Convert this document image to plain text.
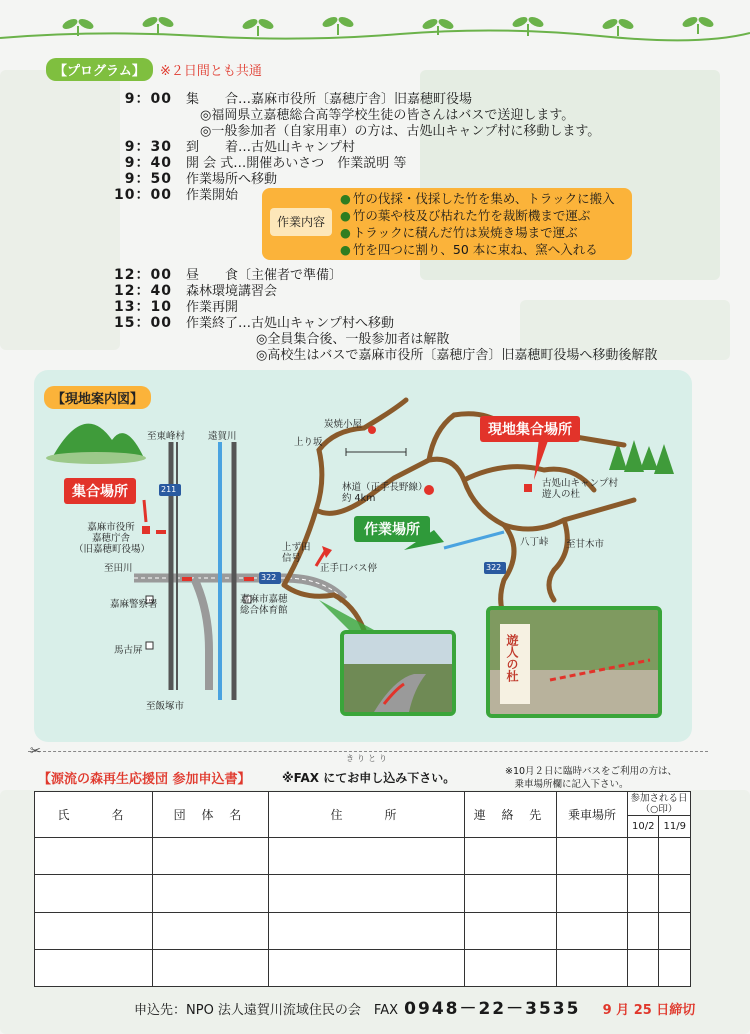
【プログラム】	※２日間とも共通
9：00 集　　合…嘉麻市役所〔嘉穂庁舎〕旧嘉穂町役場
◎福岡県立嘉穂総合高等学校生徒の皆さんはバスで送迎します。
◎一般参加者（自家用車）の方は、古処山キャンプ村に移動します。
9：30 到　　着…古処山キャンプ村
9：40 開 会 式…開催あいさつ　作業説明 等
9：50 作業場所へ移動
10：00 作業開始
作業内容
● 竹の伐採・伐採した竹を集め、トラックに搬入
● 竹の葉や枝及び枯れた竹を裁断機まで運ぶ
● トラックに積んだ竹は炭焼き場まで運ぶ
● 竹を四つに割り、50 本に束ね、窯へ入れる
12：00 昼　　食〔主催者で準備〕
12：40 森林環境講習会
13：10 作業再開
15：00 作業終了…古処山キャンプ村へ移動
◎全員集合後、一般参加者は解散
◎高校生はバスで嘉麻市役所〔嘉穂庁舎〕旧嘉穂町役場へ移動後解散
【現地案内図】
至東峰村 遠賀川
211
322
322
集合場所
嘉麻市役所
嘉穂庁舎
（旧嘉穂町役場）
至田川
嘉麻警察署	嘉麻市嘉穂
総合体育館
馬古屏
至飯塚市
上ず田
信号
正手口バス停
上り坂
炭焼小屋
林道（正手長野線）
約 4km
作業場所
現地集合場所
古処山キャンプ村
遊人の杜
八丁峠 至甘木市
遊人の杜
✂	きりとり
【源流の森再生応援団 参加申込書】	※FAX にてお申し込み下さい。	※10月２日に臨時バスをご利用の方は、
　乗車場所欄に記入下さい。
氏　　名	団 体 名	住　　所	連 絡 先	乗車場所	参加される日
（○印）	
					10/2	11/9

申込先：NPO 法人遠賀川流域住民の会　FAX 0948－22－3535 9 月 25 日締切
